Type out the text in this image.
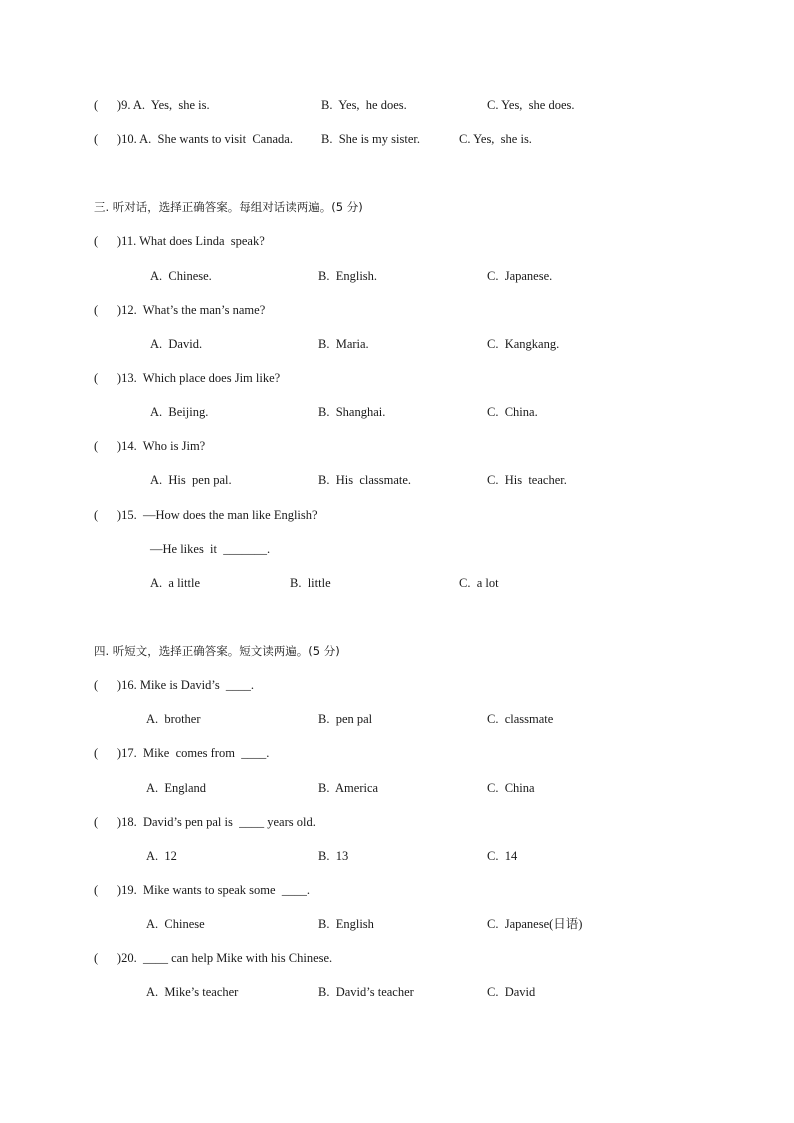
(      )9. A.  Yes,  she is.	B.  Yes,  he does.	C. Yes,  she does.
(      )10. A.  She wants to visit  Canada. B.  She is my sister.	C. Yes,  she is.
三. 听对话，选择正确答案。每组对话读两遍。(5 分)
(      )11. What does Linda  speak?
A.  Chinese.	B.  English.	C.  Japanese.
(      )12.  What’s the man’s name?
A.  David.	B.  Maria.	C.  Kangkang.
(      )13.  Which place does Jim like?
A.  Beijing.	B.  Shanghai.	C.  China.
(      )14.  Who is Jim?
A.  His  pen pal.	B.  His  classmate.	C.  His  teacher.
(      )15.  —How does the man like English?
—He likes  it  _______.
A.  a little	B.  little	C.  a lot
四. 听短文，选择正确答案。短文读两遍。(5 分)
(      )16. Mike is David’s  ____.
A.  brother	B.  pen pal	C.  classmate
(      )17.  Mike  comes from  ____.
A.  England	B.  America	C.  China
(      )18.  David’s pen pal is  ____ years old.
A.  12	B.  13	C.  14
(      )19.  Mike wants to speak some  ____.
A.  Chinese	B.  English	C.  Japanese(日语)
(      )20.  ____ can help Mike with his Chinese.
A.  Mike’s teacher	B.  David’s teacher	C.  David
